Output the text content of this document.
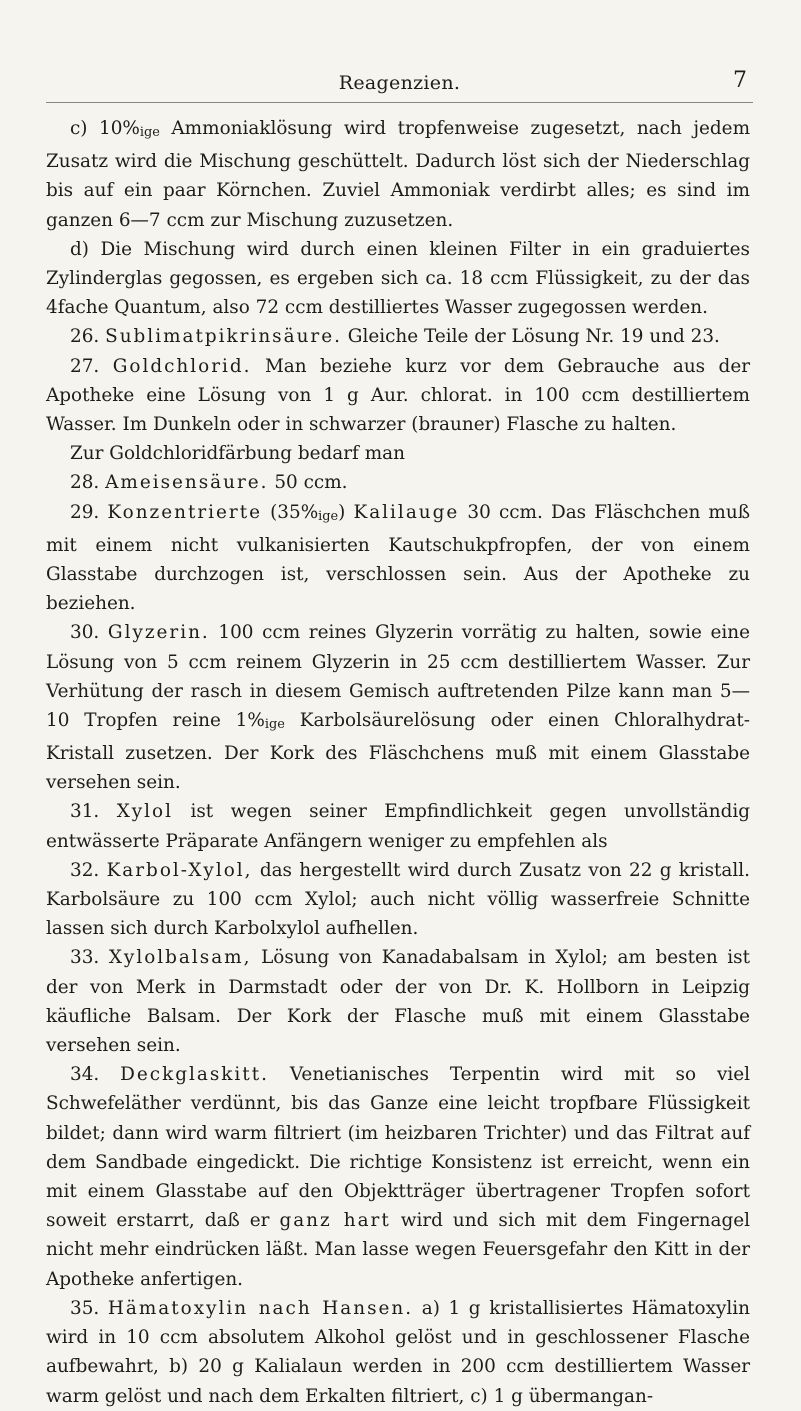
Reagenzien.	7

c) 10%ige Ammoniaklösung wird tropfenweise zugesetzt, nach jedem Zusatz wird die Mischung geschüttelt. Dadurch löst sich der Niederschlag bis auf ein paar Körnchen. Zuviel Ammoniak verdirbt alles; es sind im ganzen 6—7 ccm zur Mischung zuzusetzen.

d) Die Mischung wird durch einen kleinen Filter in ein graduiertes Zylinderglas gegossen, es ergeben sich ca. 18 ccm Flüssigkeit, zu der das 4fache Quantum, also 72 ccm destilliertes Wasser zugegossen werden.

26. Sublimatpikrinsäure. Gleiche Teile der Lösung Nr. 19 und 23.

27. Goldchlorid. Man beziehe kurz vor dem Gebrauche aus der Apotheke eine Lösung von 1 g Aur. chlorat. in 100 ccm destilliertem Wasser. Im Dunkeln oder in schwarzer (brauner) Flasche zu halten.

Zur Goldchloridfärbung bedarf man

28. Ameisensäure. 50 ccm.

29. Konzentrierte (35%ige) Kalilauge 30 ccm. Das Fläschchen muß mit einem nicht vulkanisierten Kautschukpfropfen, der von einem Glasstabe durchzogen ist, verschlossen sein. Aus der Apotheke zu beziehen.

30. Glyzerin. 100 ccm reines Glyzerin vorrätig zu halten, sowie eine Lösung von 5 ccm reinem Glyzerin in 25 ccm destilliertem Wasser. Zur Verhütung der rasch in diesem Gemisch auftretenden Pilze kann man 5—10 Tropfen reine 1%ige Karbolsäurelösung oder einen Chloralhydrat-Kristall zusetzen. Der Kork des Fläschchens muß mit einem Glasstabe versehen sein.

31. Xylol ist wegen seiner Empfindlichkeit gegen unvollständig entwässerte Präparate Anfängern weniger zu empfehlen als

32. Karbol-Xylol, das hergestellt wird durch Zusatz von 22 g kristall. Karbolsäure zu 100 ccm Xylol; auch nicht völlig wasserfreie Schnitte lassen sich durch Karbolxylol aufhellen.

33. Xylolbalsam, Lösung von Kanadabalsam in Xylol; am besten ist der von Merk in Darmstadt oder der von Dr. K. Hollborn in Leipzig käufliche Balsam. Der Kork der Flasche muß mit einem Glasstabe versehen sein.

34. Deckglaskitt. Venetianisches Terpentin wird mit so viel Schwefeläther verdünnt, bis das Ganze eine leicht tropfbare Flüssigkeit bildet; dann wird warm filtriert (im heizbaren Trichter) und das Filtrat auf dem Sandbade eingedickt. Die richtige Konsistenz ist erreicht, wenn ein mit einem Glasstabe auf den Objektträger übertragener Tropfen sofort soweit erstarrt, daß er ganz hart wird und sich mit dem Fingernagel nicht mehr eindrücken läßt. Man lasse wegen Feuersgefahr den Kitt in der Apotheke anfertigen.

35. Hämatoxylin nach Hansen. a) 1 g kristallisiertes Hämatoxylin wird in 10 ccm absolutem Alkohol gelöst und in geschlossener Flasche aufbewahrt, b) 20 g Kalialaun werden in 200 ccm destilliertem Wasser warm gelöst und nach dem Erkalten filtriert, c) 1 g übermangan-
